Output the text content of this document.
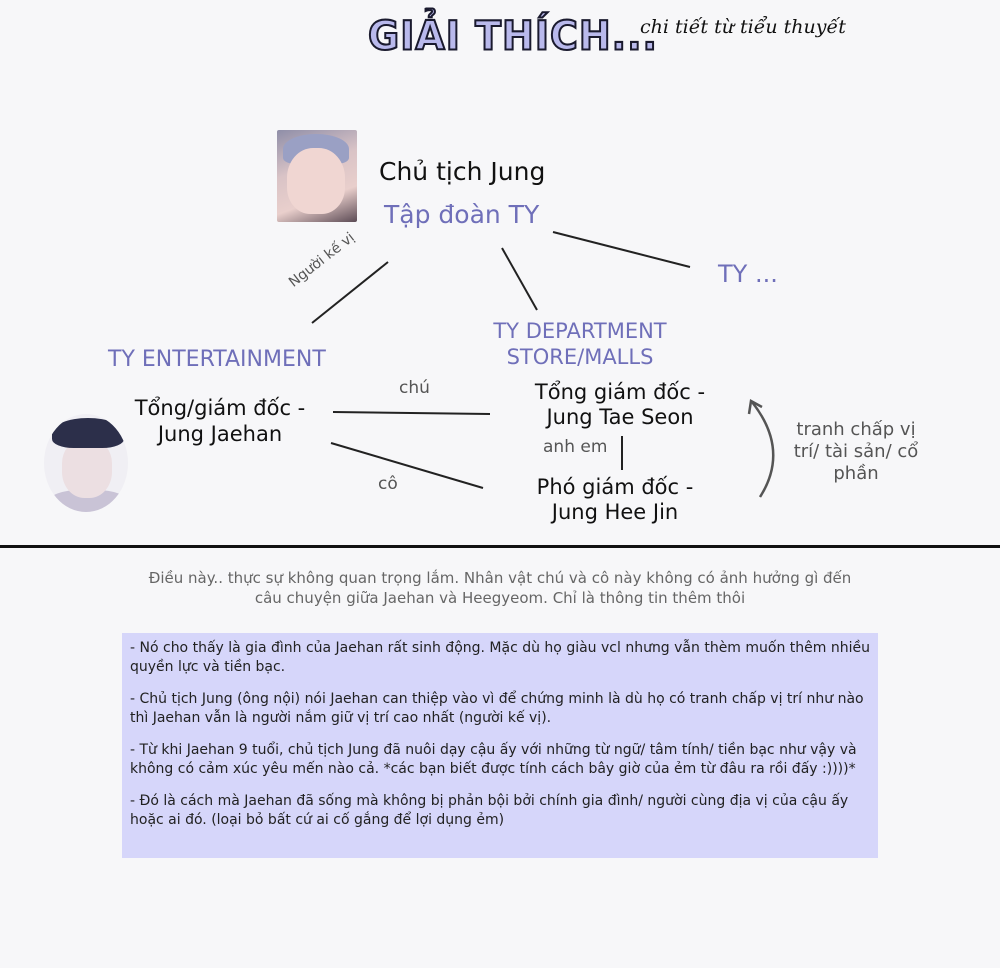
GIẢI THÍCH...
chi tiết từ tiểu thuyết
Chủ tịch Jung
Tập đoàn TY
TY ...
TY DEPARTMENT
STORE/MALLS
TY ENTERTAINMENT
Người kế vị
chú
cô
anh em
Tổng/giám đốc -
Jung Jaehan
Tổng giám đốc -
Jung Tae Seon
Phó giám đốc -
Jung Hee Jin
tranh chấp vị
trí/ tài sản/ cổ
phần
Điều này.. thực sự không quan trọng lắm. Nhân vật chú và cô này không có ảnh hưởng gì đến
câu chuyện giữa Jaehan và Heegyeom. Chỉ là thông tin thêm thôi

- Nó cho thấy là gia đình của Jaehan rất sinh động. Mặc dù họ giàu vcl nhưng vẫn thèm muốn thêm nhiều quyền lực và tiền bạc.

- Chủ tịch Jung (ông nội) nói Jaehan can thiệp vào vì để chứng minh là dù họ có tranh chấp vị trí như nào thì Jaehan vẫn là người nắm giữ vị trí cao nhất (người kế vị).

- Từ khi Jaehan 9 tuổi, chủ tịch Jung đã nuôi dạy cậu ấy với những từ ngữ/ tâm tính/ tiền bạc như vậy và không có cảm xúc yêu mến nào cả. *các bạn biết được tính cách bây giờ của ẻm từ đâu ra rồi đấy :))))*

- Đó là cách mà Jaehan đã sống mà không bị phản bội bởi chính gia đình/ người cùng địa vị của cậu ấy hoặc ai đó. (loại bỏ bất cứ ai cố gắng để lợi dụng ẻm)
